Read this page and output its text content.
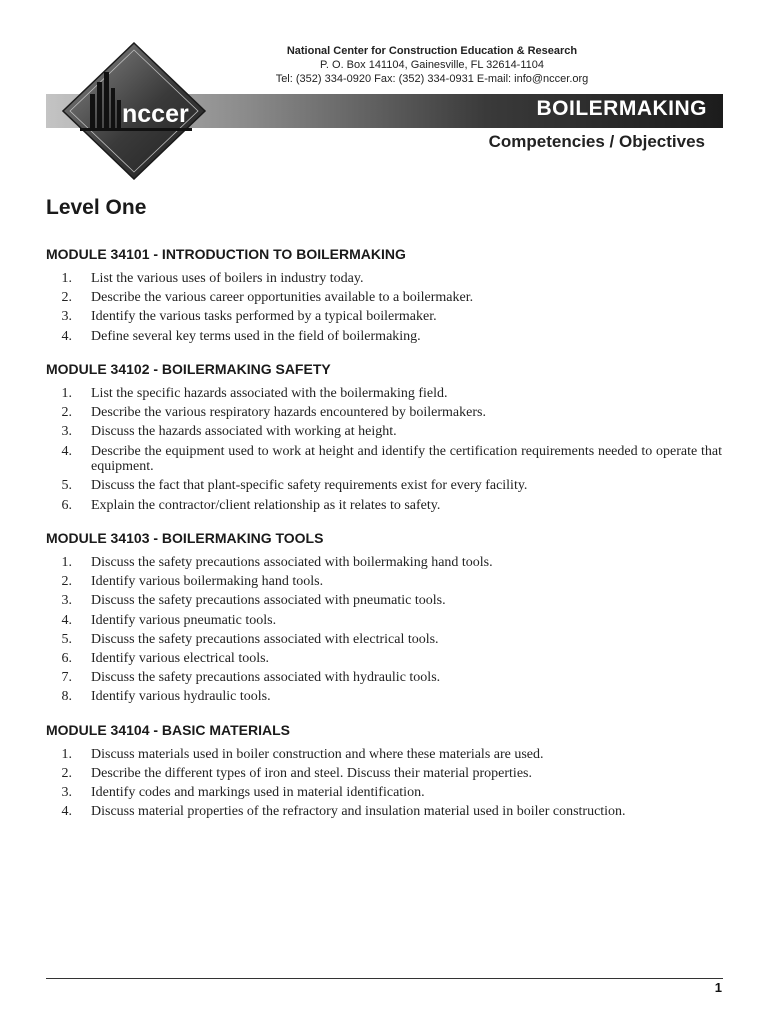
National Center for Construction Education & Research
P. O. Box 141104, Gainesville, FL 32614-1104
Tel: (352) 334-0920 Fax: (352) 334-0931 E-mail: info@nccer.org
BOILERMAKING
nccer
Competencies / Objectives
Level One
MODULE 34101 - INTRODUCTION TO BOILERMAKING
1. List the various uses of boilers in industry today.
2. Describe the various career opportunities available to a boilermaker.
3. Identify the various tasks performed by a typical boilermaker.
4. Define several key terms used in the field of boilermaking.
MODULE 34102 - BOILERMAKING SAFETY
1. List the specific hazards associated with the boilermaking field.
2. Describe the various respiratory hazards encountered by boilermakers.
3. Discuss the hazards associated with working at height.
4. Describe the equipment used to work at height and identify the certification requirements needed to operate that equipment.
5. Discuss the fact that plant-specific safety requirements exist for every facility.
6. Explain the contractor/client relationship as it relates to safety.
MODULE 34103 - BOILERMAKING TOOLS
1. Discuss the safety precautions associated with boilermaking hand tools.
2. Identify various boilermaking hand tools.
3. Discuss the safety precautions associated with pneumatic tools.
4. Identify various pneumatic tools.
5. Discuss the safety precautions associated with electrical tools.
6. Identify various electrical tools.
7. Discuss the safety precautions associated with hydraulic tools.
8. Identify various hydraulic tools.
MODULE 34104 - BASIC MATERIALS
1. Discuss materials used in boiler construction and where these materials are used.
2. Describe the different types of iron and steel. Discuss their material properties.
3. Identify codes and markings used in material identification.
4. Discuss material properties of the refractory and insulation material used in boiler construction.
1
